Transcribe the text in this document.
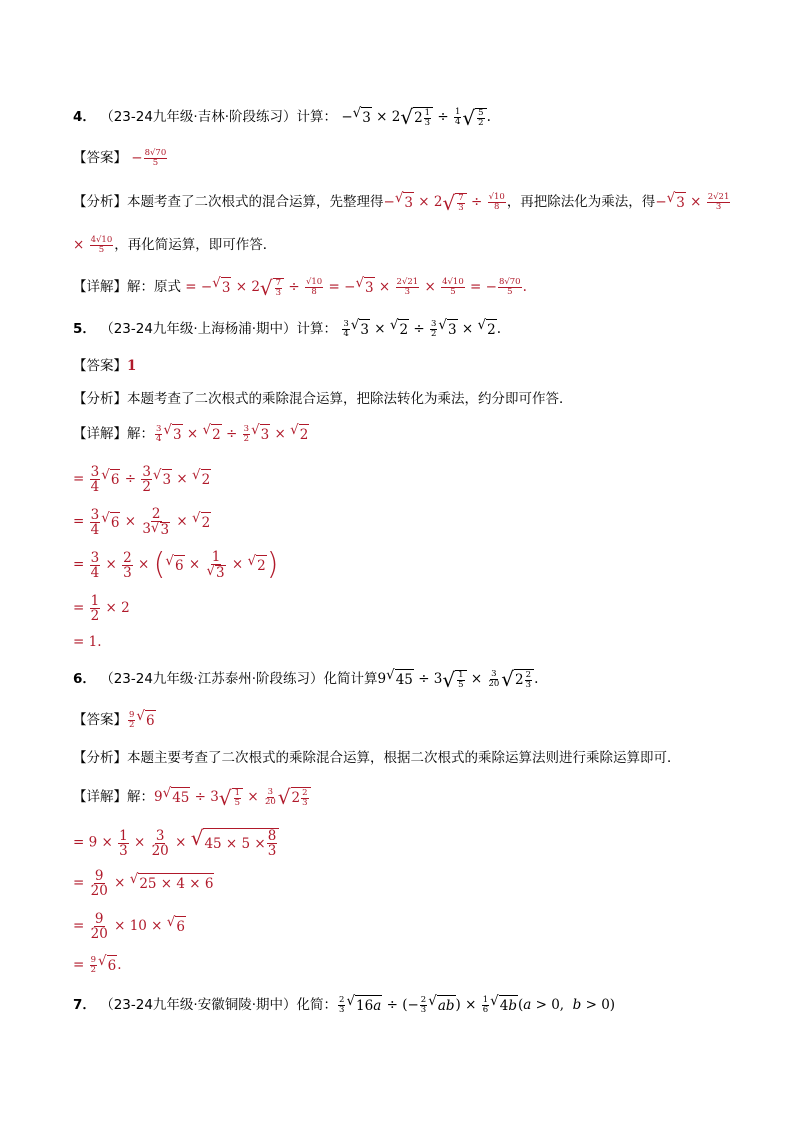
4． （23-24九年级·吉林·阶段练习）计算： − √ 3 × 2 √ $2 \frac{1}{3} \div \frac{1}{4}$ √ $\frac{5}{2}$ .
【答案】 − $\frac{8√70}{5}$
【分析】本题考查了二次根式的混合运算，先整理得− √ 3 × 2 √ $\frac{7}{3} \div \frac{√10}{8}$ ，再把除法化为乘法，得− √ $3 \times \frac{2√21}{3}$
× $\frac{4√10}{5}$ ，再化简运算，即可作答．
【详解】解：原式 = − √ 3 × 2 √ $\frac{7}{3} \div \frac{√10}{8}$ = − √ $3 \times \frac{2√21}{3} \times \frac{4√10}{5}$ = − $\frac{8√70}{5}$ .
5． （23-24九年级·上海杨浦·期中）计算： $\frac{3}{4}$ √ 3 × √ $2 \div \frac{3}{2}$ √ 3 × √ 2 .
【答案】1
【分析】本题考查了二次根式的乘除混合运算，把除法转化为乘法，约分即可作答．
【详解】解： $\frac{3}{4}$ √ 3 × √ $2 \div \frac{3}{2}$ √ 3 × √ 2
= $\frac{3}{4}$ √ $6 \div \frac{3}{2}$ √ 3 × √ 2
= $\frac{3}{4}$ √ $6 \times \frac{2}{3 √ 3}$ × √ 2
= $\frac{3}{4} \times \frac{2}{3}$ × ( √ $6 \times \frac{1}{√ 3}$ × √ 2 )
= $\frac{1}{2} \times 2$
= 1.
6． （23-24九年级·江苏泰州·阶段练习）化简计算9 √ 45 ÷ 3 √ $\frac{1}{5} \times \frac{3}{20}$ √ $2 \frac{2}{3}$ .
【答案】 $\frac{9}{2}$ √ 6
【分析】本题主要考查了二次根式的乘除混合运算，根据二次根式的乘除运算法则进行乘除运算即可．
【详解】解：9 √ 45 ÷ 3 √ $\frac{1}{5} \times \frac{3}{20}$ √ $2 \frac{2}{3}$
= $9 \times \frac{1}{3} \times \frac{3}{20}$ × √ $45 \times 5 \times \frac{8}{3}$
= $\frac{9}{20}$ × √ 25 × 4 × 6
= $\frac{9}{20} \times 10$ × √ 6
= $\frac{9}{2}$ √ 6 .
7． （23-24九年级·安徽铜陵·期中）化简： $\frac{2}{3}$ √ 16 a ÷ (− $\frac{2}{3}$ √ ab ) × $\frac{1}{6}$ √ 4 b (a > 0,  b > 0)
